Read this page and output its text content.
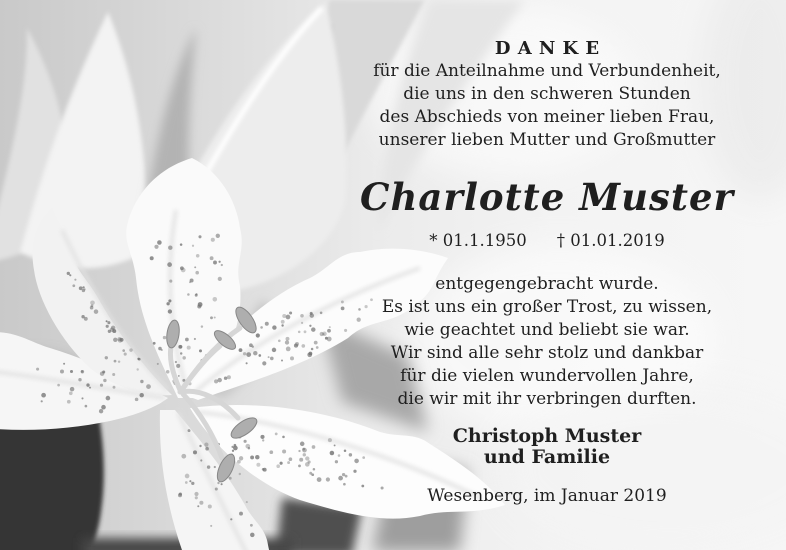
DANKE
für die Anteilnahme und Verbundenheit,
die uns in den schweren Stunden
des Abschieds von meiner lieben Frau,
unserer lieben Mutter und Großmutter
Charlotte Muster
* 01.1.1950 † 01.01.2019
entgegengebracht wurde.
Es ist uns ein großer Trost, zu wissen,
wie geachtet und beliebt sie war.
Wir sind alle sehr stolz und dankbar
für die vielen wundervollen Jahre,
die wir mit ihr verbringen durften.
Christoph Muster
und Familie
Wesenberg, im Januar 2019
